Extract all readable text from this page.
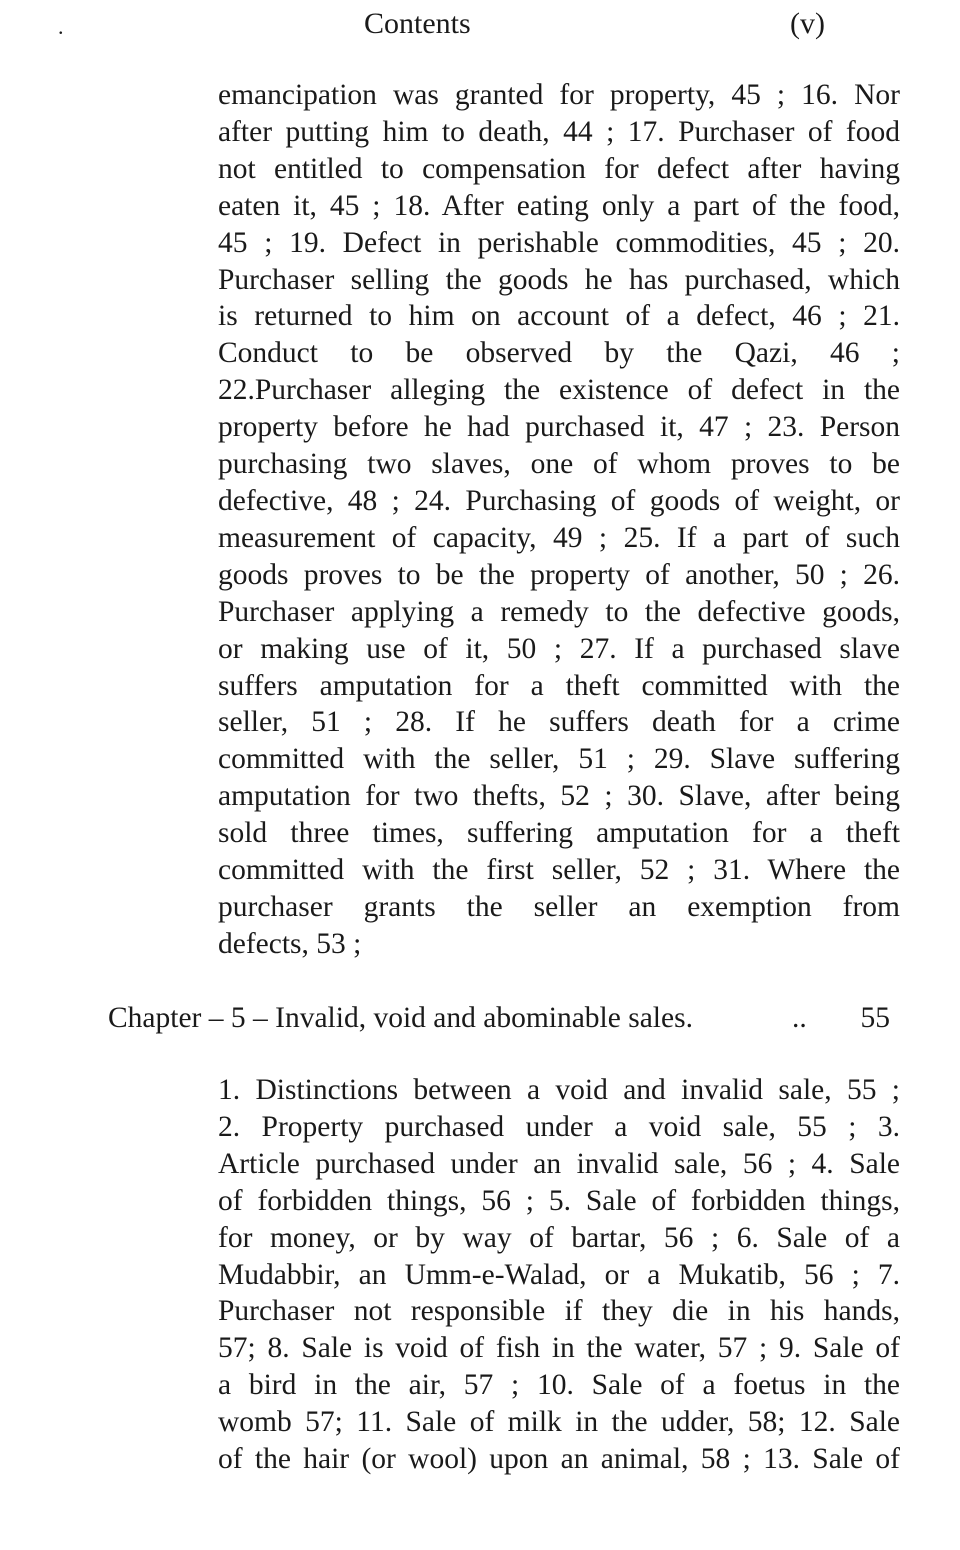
.	Contents	(v)

emancipation was granted for property, 45 ; 16. Nor
after putting him to death, 44 ; 17. Purchaser of food
not entitled to compensation for defect after having
eaten it, 45 ; 18. After eating only a part of the food,
45 ; 19. Defect in perishable commodities, 45 ; 20.
Purchaser selling the goods he has purchased, which
is returned to him on account of a defect, 46 ; 21.
Conduct to be observed by the Qazi, 46 ;
22.Purchaser alleging the existence of defect in the
property before he had purchased it, 47 ; 23. Person
purchasing two slaves, one of whom proves to be
defective, 48 ; 24. Purchasing of goods of weight, or
measurement of capacity, 49 ; 25. If a part of such
goods proves to be the property of another, 50 ; 26.
Purchaser applying a remedy to the defective goods,
or making use of it, 50 ; 27. If a purchased slave
suffers amputation for a theft committed with the
seller, 51 ; 28. If he suffers death for a crime
committed with the seller, 51 ; 29. Slave suffering
amputation for two thefts, 52 ; 30. Slave, after being
sold three times, suffering amputation for a theft
committed with the first seller, 52 ; 31. Where the
purchaser grants the seller an exemption from
defects, 53 ;

Chapter – 5 – Invalid, void and abominable sales.	.. 55

1. Distinctions between a void and invalid sale, 55 ;
2. Property purchased under a void sale, 55 ; 3.
Article purchased under an invalid sale, 56 ; 4. Sale
of forbidden things, 56 ; 5. Sale of forbidden things,
for money, or by way of bartar, 56 ; 6. Sale of a
Mudabbir, an Umm-e-Walad, or a Mukatib, 56 ; 7.
Purchaser not responsible if they die in his hands,
57; 8. Sale is void of fish in the water, 57 ; 9. Sale of
a bird in the air, 57 ; 10. Sale of a foetus in the
womb 57; 11. Sale of milk in the udder, 58; 12. Sale
of the hair (or wool) upon an animal, 58 ; 13. Sale of
